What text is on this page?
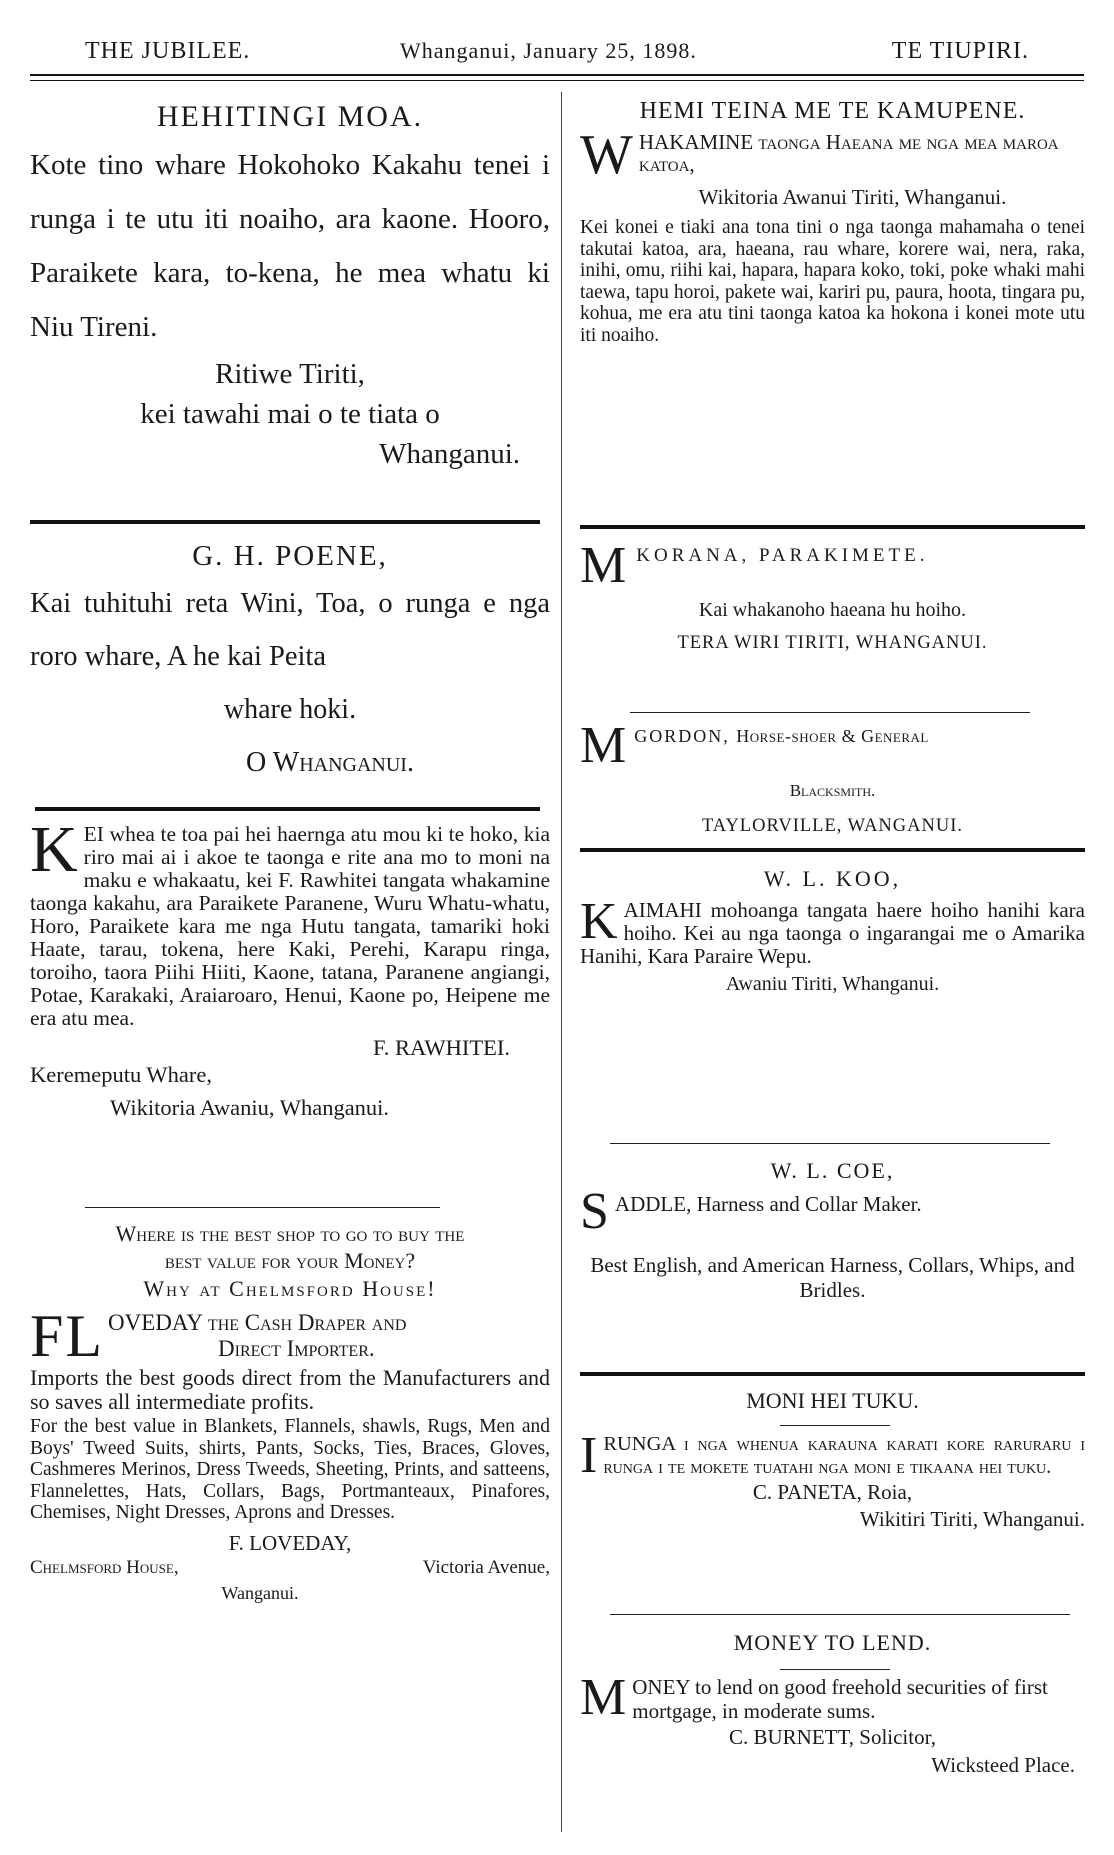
THE JUBILEE.	Whanganui, January 25, 1898.	TE TIUPIRI.

HEHITINGI MOA.

Kote tino whare Hokohoko Kakahu tenei i runga i te utu iti noaiho, ara kaone. Hooro, Paraikete kara, to-kena, he mea whatu ki Niu Tireni.

Ritiwe Tiriti,

kei tawahi mai o te tiata o

Whanganui.

G. H. POENE,

Kai tuhituhi reta Wini, Toa, o runga e nga roro whare, A he kai Peita

whare hoki.

O Whanganui.

K EI whea te toa pai hei haernga atu mou ki te hoko, kia riro mai ai i akoe te taonga e rite ana mo to moni na maku e whakaatu, kei F. Rawhitei tangata whakamine taonga kakahu, ara Paraikete Paranene, Wuru Whatu-whatu, Horo, Paraikete kara me nga Hutu tangata, tamariki hoki Haate, tarau, tokena, here Kaki, Perehi, Karapu ringa, toroiho, taora Piihi Hiiti, Kaone, tatana, Paranene angiangi, Potae, Karakaki, Araiaroaro, Henui, Kaone po, Heipene me era atu mea.

F. RAWHITEI.

Keremeputu Whare,

Wikitoria Awaniu, Whanganui.

Where is the best shop to go to buy the

best value for your Money?

Why at Chelmsford House!

F L OVEDAY the Cash Draper and
Direct Importer.

Imports the best goods direct from the Manufacturers and so saves all intermediate profits.

For the best value in Blankets, Flannels, shawls, Rugs, Men and Boys' Tweed Suits, shirts, Pants, Socks, Ties, Braces, Gloves, Cashmeres Merinos, Dress Tweeds, Sheeting, Prints, and satteens, Flannelettes, Hats, Collars, Bags, Portmanteaux, Pinafores, Chemises, Night Dresses, Aprons and Dresses.

F. LOVEDAY,

Chelmsford House,	Victoria Avenue,

Wanganui.

HEMI TEINA ME TE KAMUPENE.

W HAKAMINE taonga Haeana me nga mea maroa katoa,

Wikitoria Awanui Tiriti, Whanganui.

Kei konei e tiaki ana tona tini o nga taonga mahamaha o tenei takutai katoa, ara, haeana, rau whare, korere wai, nera, raka, inihi, omu, riihi kai, hapara, hapara koko, toki, poke whaki mahi taewa, tapu horoi, pakete wai, kariri pu, paura, hoota, tingara pu, kohua, me era atu tini taonga katoa ka hokona i konei mote utu iti noaiho.

M KORANA, PARAKIMETE.

Kai whakanoho haeana hu hoiho.

TERA WIRI TIRITI, WHANGANUI.

M GORDON, Horse-shoer & General

Blacksmith.

TAYLORVILLE, WANGANUI.

W. L. KOO,

K AIMAHI mohoanga tangata haere hoiho hanihi kara hoiho. Kei au nga taonga o ingarangai me o Amarika Hanihi, Kara Paraire Wepu.

Awaniu Tiriti, Whanganui.

W. L. COE,

S ADDLE, Harness and Collar Maker.

Best English, and American Harness, Collars, Whips, and Bridles.

MONI HEI TUKU.

I RUNGA i nga whenua karauna karati kore raruraru i runga i te mokete tuatahi nga moni e tikaana hei tuku.

C. PANETA, Roia,

Wikitiri Tiriti, Whanganui.

MONEY TO LEND.

M ONEY to lend on good freehold securities of first mortgage, in moderate sums.

C. BURNETT, Solicitor,

Wicksteed Place.
